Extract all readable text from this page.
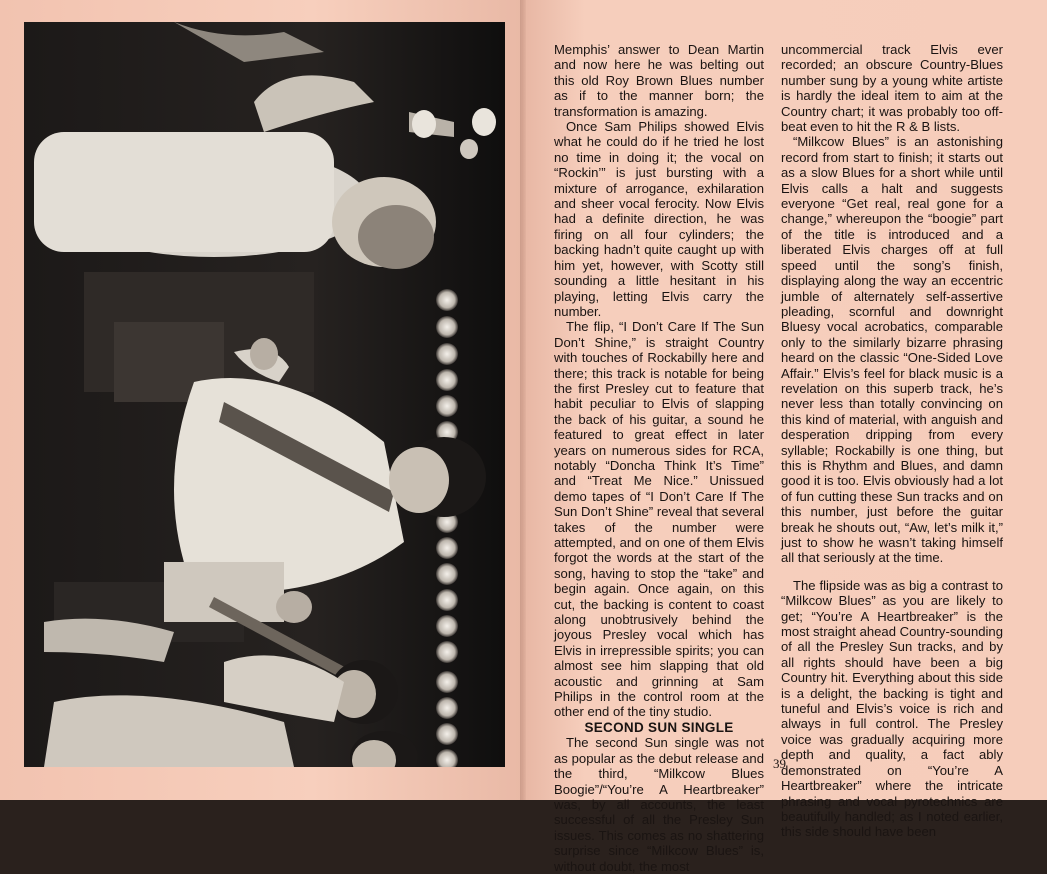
Memphis’ answer to Dean Martin and now here he was belting out this old Roy Brown Blues number as if to the manner born; the transformation is amazing.

Once Sam Philips showed Elvis what he could do if he tried he lost no time in doing it; the vocal on “Rockin’” is just bursting with a mixture of arrogance, exhilaration and sheer vocal ferocity. Now Elvis had a definite direction, he was firing on all four cylinders; the backing hadn’t quite caught up with him yet, however, with Scotty still sounding a little hesitant in his playing, letting Elvis carry the number.

The flip, “I Don’t Care If The Sun Don’t Shine,” is straight Country with touches of Rockabilly here and there; this track is notable for being the first Presley cut to feature that habit peculiar to Elvis of slapping the back of his guitar, a sound he featured to great effect in later years on numerous sides for RCA, notably “Doncha Think It’s Time” and “Treat Me Nice.” Unissued demo tapes of “I Don’t Care If The Sun Don’t Shine” reveal that several takes of the number were attempted, and on one of them Elvis forgot the words at the start of the song, having to stop the “take” and begin again. Once again, on this cut, the backing is content to coast along unobtrusively behind the joyous Presley vocal which has Elvis in irrepressible spirits; you can almost see him slapping that old acoustic and grinning at Sam Philips in the control room at the other end of the tiny studio.

SECOND SUN SINGLE

The second Sun single was not as popular as the debut release and the third, “Milkcow Blues Boogie”/“You’re A Heartbreaker” was, by all accounts, the least successful of all the Presley Sun issues. This comes as no shattering surprise since “Milkcow Blues” is, without doubt, the most

uncommercial track Elvis ever recorded; an obscure Country-Blues number sung by a young white artiste is hardly the ideal item to aim at the Country chart; it was probably too off-beat even to hit the R & B lists.

“Milkcow Blues” is an astonishing record from start to finish; it starts out as a slow Blues for a short while until Elvis calls a halt and suggests everyone “Get real, real gone for a change,” whereupon the “boogie” part of the title is introduced and a liberated Elvis charges off at full speed until the song’s finish, displaying along the way an eccentric jumble of alternately self-assertive pleading, scornful and downright Bluesy vocal acrobatics, comparable only to the similarly bizarre phrasing heard on the classic “One-Sided Love Affair.” Elvis’s feel for black music is a revelation on this superb track, he’s never less than totally convincing on this kind of material, with anguish and desperation dripping from every syllable; Rockabilly is one thing, but this is Rhythm and Blues, and damn good it is too. Elvis obviously had a lot of fun cutting these Sun tracks and on this number, just before the guitar break he shouts out, “Aw, let’s milk it,” just to show he wasn’t taking himself all that seriously at the time.

The flipside was as big a contrast to “Milkcow Blues” as you are likely to get; “You’re A Heartbreaker” is the most straight ahead Country-sounding of all the Presley Sun tracks, and by all rights should have been a big Country hit. Everything about this side is a delight, the backing is tight and tuneful and Elvis’s voice is rich and always in full control. The Presley voice was gradually acquiring more depth and quality, a fact ably demonstrated on “You’re A Heartbreaker” where the intricate phrasing and vocal pyrotechnics are beautifully handled; as I noted earlier, this side should have been

39
